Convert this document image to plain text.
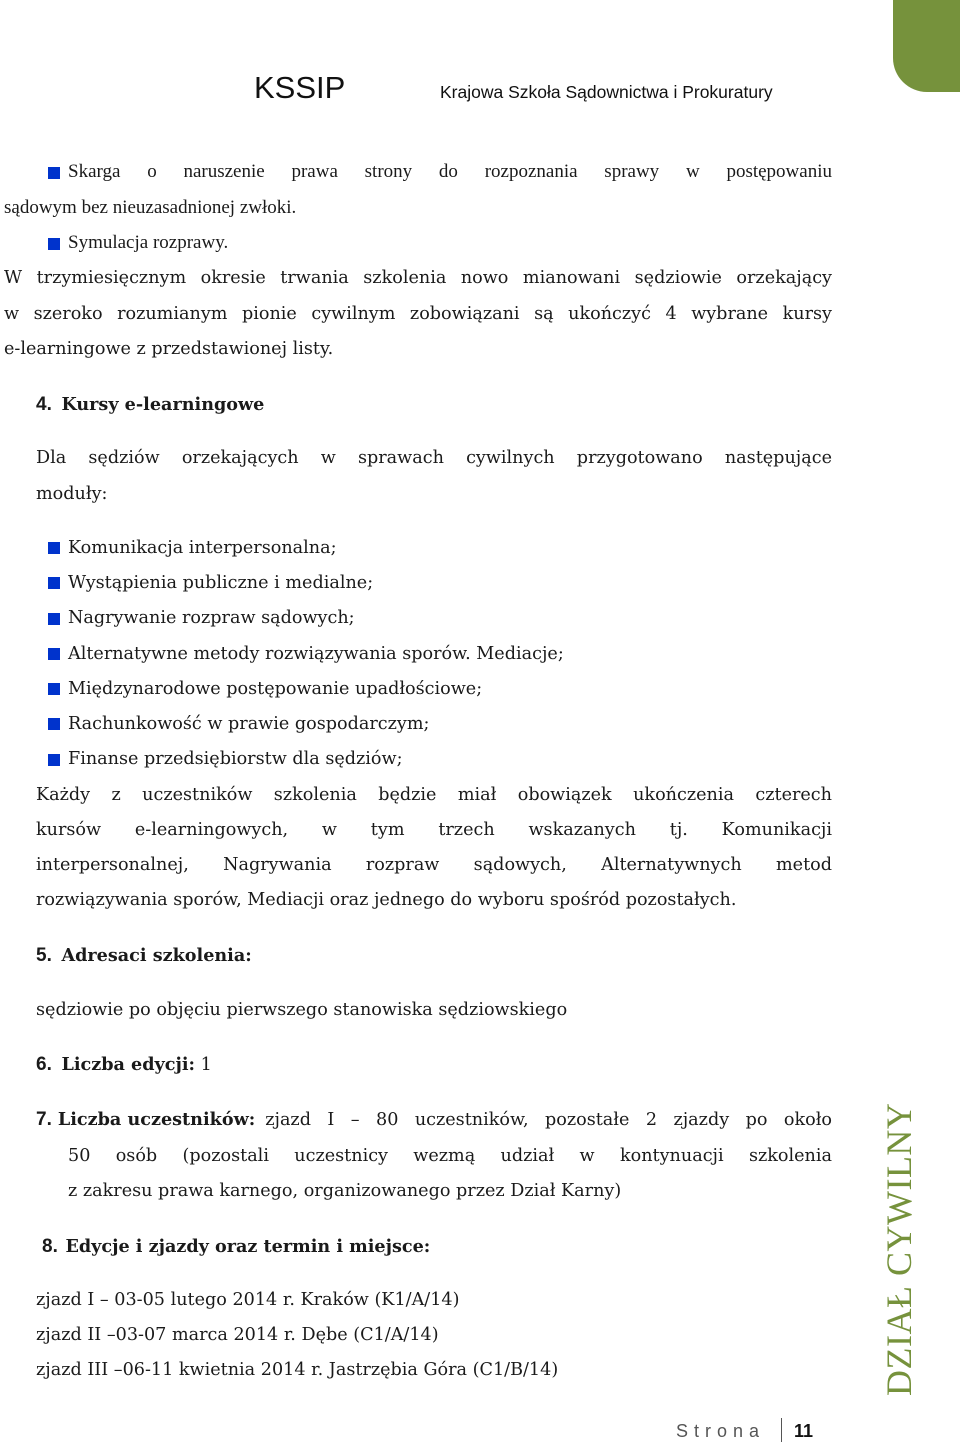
KSSIP	Krajowa Szkoła Sądownictwa i Prokuratury
Skarga o naruszenie prawa strony do rozpoznania sprawy w postępowaniu
sądowym bez nieuzasadnionej zwłoki.
Symulacja rozprawy.
W trzymiesięcznym okresie trwania szkolenia nowo mianowani sędziowie orzekający
w szeroko rozumianym pionie cywilnym zobowiązani są ukończyć 4 wybrane kursy
e-learningowe z przedstawionej listy.
4. Kursy e-learningowe
Dla sędziów orzekających w sprawach cywilnych przygotowano następujące
moduły:
Komunikacja interpersonalna;
Wystąpienia publiczne i medialne;
Nagrywanie rozpraw sądowych;
Alternatywne metody rozwiązywania sporów. Mediacje;
Międzynarodowe postępowanie upadłościowe;
Rachunkowość w prawie gospodarczym;
Finanse przedsiębiorstw dla sędziów;
Każdy z uczestników szkolenia będzie miał obowiązek ukończenia czterech
kursów e-learningowych, w tym trzech wskazanych tj. Komunikacji
interpersonalnej, Nagrywania rozpraw sądowych, Alternatywnych metod
rozwiązywania sporów, Mediacji oraz jednego do wyboru spośród pozostałych.
5. Adresaci szkolenia:
sędziowie po objęciu pierwszego stanowiska sędziowskiego
6. Liczba edycji: 1
7. Liczba uczestników: zjazd I – 80 uczestników, pozostałe 2 zjazdy po około
50 osób (pozostali uczestnicy wezmą udział w kontynuacji szkolenia
z zakresu prawa karnego, organizowanego przez Dział Karny)
8. Edycje i zjazdy oraz termin i miejsce:
zjazd I – 03-05 lutego 2014 r. Kraków (K1/A/14)
zjazd II –03-07 marca 2014 r. Dębe (C1/A/14)
zjazd III –06-11 kwietnia 2014 r. Jastrzębia Góra (C1/B/14)	DZIAŁ CYWILNY
Strona 11
